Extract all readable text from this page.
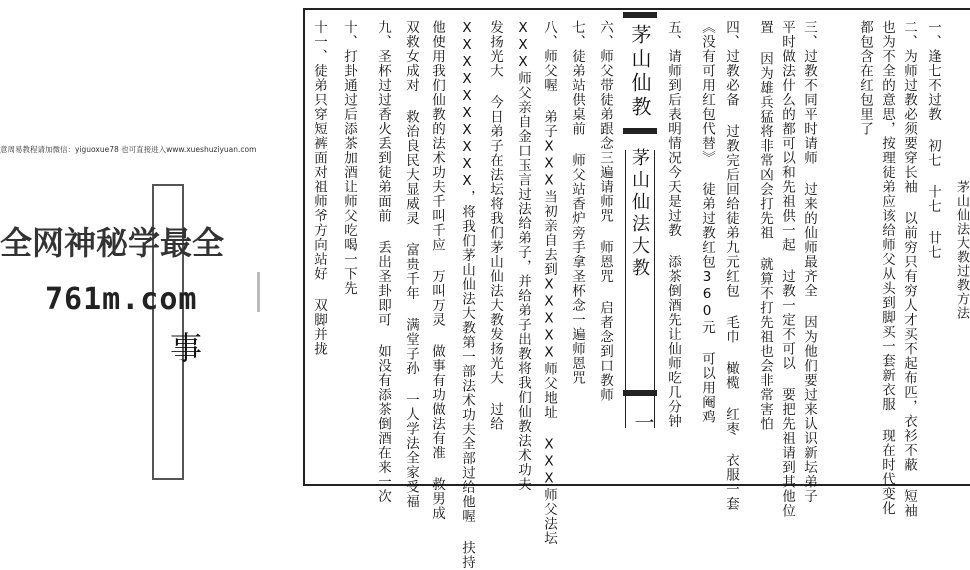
意周易教程请加微信：yiguoxue78 也可直接进入www.xueshuziyuan.com
全网神秘学最全
761m.com
事
茅山仙法大教过教方法
一、逢七不过教 初七 十七 廿七
二、为师过教必须要穿长袖 以前穷只有穷人才买不起布匹，衣衫不蔽 短袖
也为不全的意思，按理徒弟应该给师父从头到脚买一套新衣服 现在时代变化
都包含在红包里了
三、过教不同平时请师 过来的仙师最齐全 因为他们要过来认识新坛弟子
平时做法什么的都可以和先祖供一起 过教一定不可以 要把先祖请到其他位
置 因为雄兵猛将非常凶会打先祖 就算不打先祖也会非常害怕
四、过教必备 过教完后回给徒弟九元红包 毛巾 橄榄 红枣 衣服一套
《没有可用红包代替》 徒弟过教红包360元 可以用阉鸡
五、请师到后表明情况今天是过教 添茶倒酒先让仙师吃几分钟
茅山仙教
茅山仙法大教
一
六、师父带徒弟跟念三遍请师咒 师恩咒 启者念到口教师
七、徒弟站供桌前 师父站香炉旁手拿圣杯念一遍师恩咒
八、师父喔 弟子XXX当初亲自去到XXXXX师父地址 XXX师父法坛
XXX师父亲自金口玉言过法给弟子，并给弟子出教将我们仙教法术功夫
发扬光大 今日弟子在法坛将我们茅山仙法大教发扬光大 过给
XXXXXXXXXX，将我们茅山仙法大教第一部法术功夫全部过给他喔 扶持
他使用我们仙教的法术功夫千叫千应 万叫万灵 做事有功做法有准 救男成
双救女成对 救治良民大显威灵 富贵千年 满堂子孙 一人学法全家受福
九、圣杯过过香火丢到徒弟面前 丢出圣卦即可 如没有添茶倒酒在来一次
十、打卦通过后添茶加酒让师父吃喝一下先
十一、徒弟只穿短裤面对祖师爷方向站好 双脚并拢
